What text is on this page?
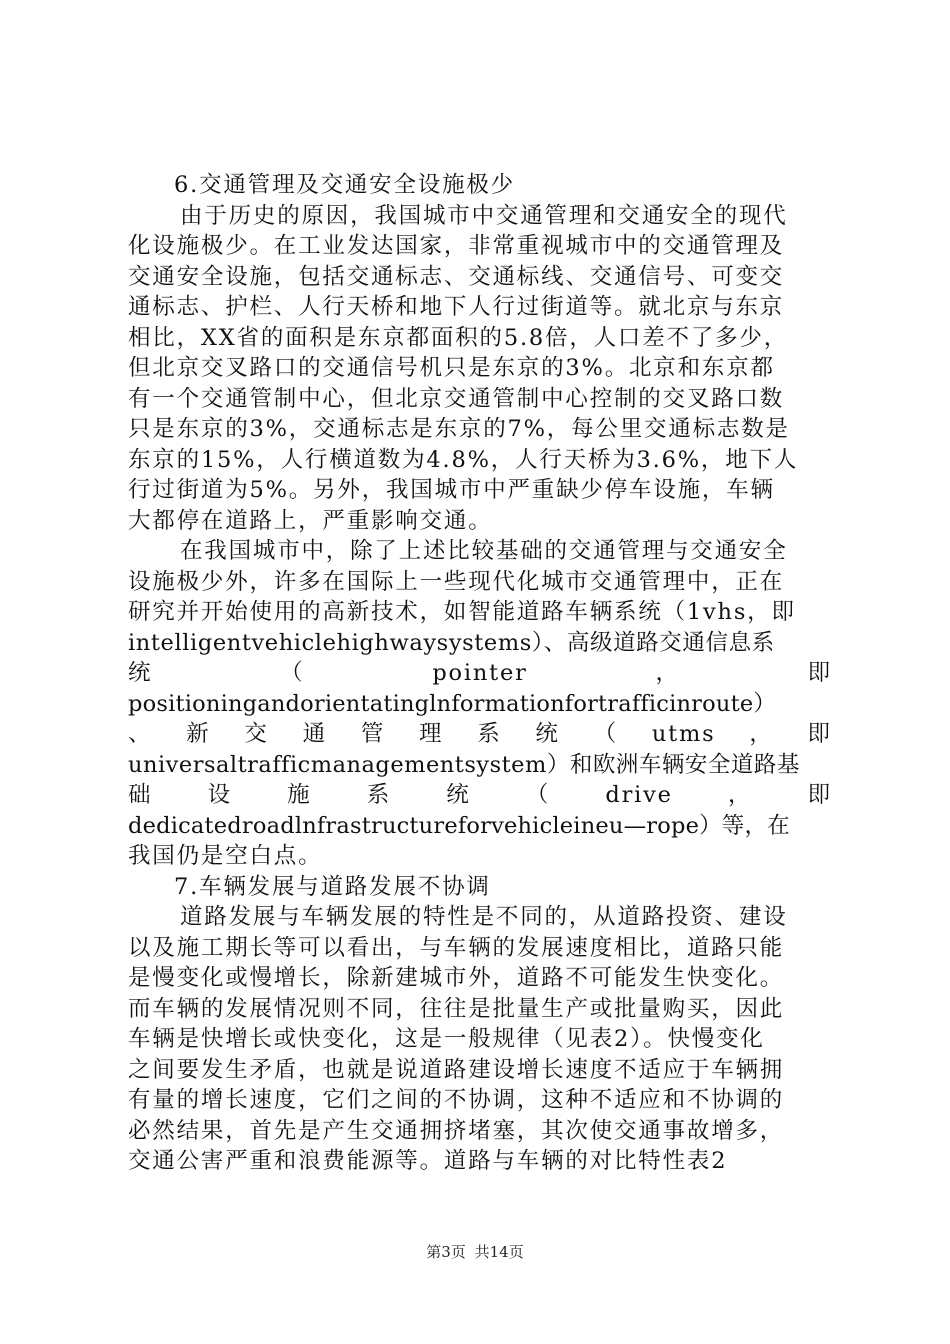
6.交通管理及交通安全设施极少
由于历史的原因，我国城市中交通管理和交通安全的现代
化设施极少。在工业发达国家，非常重视城市中的交通管理及
交通安全设施，包括交通标志、交通标线、交通信号、可变交
通标志、护栏、人行天桥和地下人行过街道等。就北京与东京
相比，XX省的面积是东京都面积的5.8倍，人口差不了多少，
但北京交叉路口的交通信号机只是东京的3%。北京和东京都
有一个交通管制中心，但北京交通管制中心控制的交叉路口数
只是东京的3%，交通标志是东京的7%，每公里交通标志数是
东京的15%，人行横道数为4.8%，人行天桥为3.6%，地下人
行过街道为5%。另外，我国城市中严重缺少停车设施，车辆
大都停在道路上，严重影响交通。
在我国城市中，除了上述比较基础的交通管理与交通安全
设施极少外，许多在国际上一些现代化城市交通管理中，正在
研究并开始使用的高新技术，如智能道路车辆系统（1vhs，即
intelligentvehiclehighwaysystems）、高级道路交通信息系
统	（	pointer	，	即
positioningandorientatinglnformationfortrafficinroute）
、 新 交 通 管 理 系 统 （ utms ， 即
universaltrafficmanagementsystem）和欧洲车辆安全道路基
础 设 施 系 统 （ drive ， 即
dedicatedroadlnfrastructureforvehicleineu—rope）等，在
我国仍是空白点。
7.车辆发展与道路发展不协调
道路发展与车辆发展的特性是不同的，从道路投资、建设
以及施工期长等可以看出，与车辆的发展速度相比，道路只能
是慢变化或慢增长，除新建城市外，道路不可能发生快变化。
而车辆的发展情况则不同，往往是批量生产或批量购买，因此
车辆是快增长或快变化，这是一般规律（见表2）。快慢变化
之间要发生矛盾，也就是说道路建设增长速度不适应于车辆拥
有量的增长速度，它们之间的不协调，这种不适应和不协调的
必然结果，首先是产生交通拥挤堵塞，其次使交通事故增多，
交通公害严重和浪费能源等。道路与车辆的对比特性表2
第3页 共14页
